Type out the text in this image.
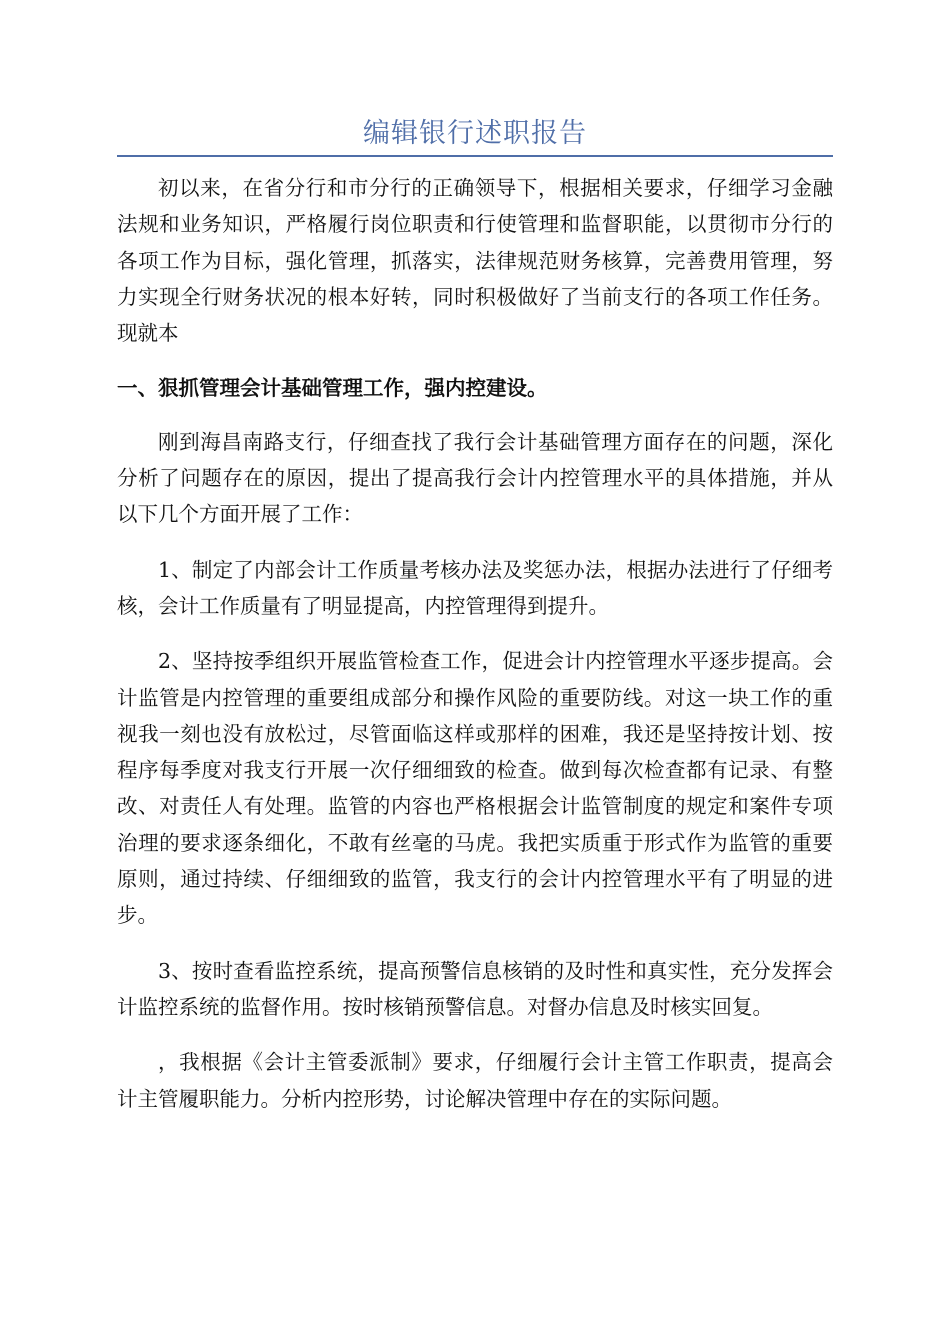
编辑银行述职报告

初以来，在省分行和市分行的正确领导下，根据相关要求，仔细学习金融法规和业务知识，严格履行岗位职责和行使管理和监督职能，以贯彻市分行的各项工作为目标，强化管理，抓落实，法律规范财务核算，完善费用管理，努力实现全行财务状况的根本好转，同时积极做好了当前支行的各项工作任务。现就本

一、狠抓管理会计基础管理工作，强内控建设。

刚到海昌南路支行，仔细查找了我行会计基础管理方面存在的问题，深化分析了问题存在的原因，提出了提高我行会计内控管理水平的具体措施，并从以下几个方面开展了工作：

1、制定了内部会计工作质量考核办法及奖惩办法，根据办法进行了仔细考核，会计工作质量有了明显提高，内控管理得到提升。

2、坚持按季组织开展监管检查工作，促进会计内控管理水平逐步提高。会计监管是内控管理的重要组成部分和操作风险的重要防线。对这一块工作的重视我一刻也没有放松过，尽管面临这样或那样的困难，我还是坚持按计划、按程序每季度对我支行开展一次仔细细致的检查。做到每次检查都有记录、有整改、对责任人有处理。监管的内容也严格根据会计监管制度的规定和案件专项治理的要求逐条细化，不敢有丝毫的马虎。我把实质重于形式作为监管的重要原则，通过持续、仔细细致的监管，我支行的会计内控管理水平有了明显的进步。

3、按时查看监控系统，提高预警信息核销的及时性和真实性，充分发挥会计监控系统的监督作用。按时核销预警信息。对督办信息及时核实回复。

，我根据《会计主管委派制》要求，仔细履行会计主管工作职责，提高会计主管履职能力。分析内控形势，讨论解决管理中存在的实际问题。
